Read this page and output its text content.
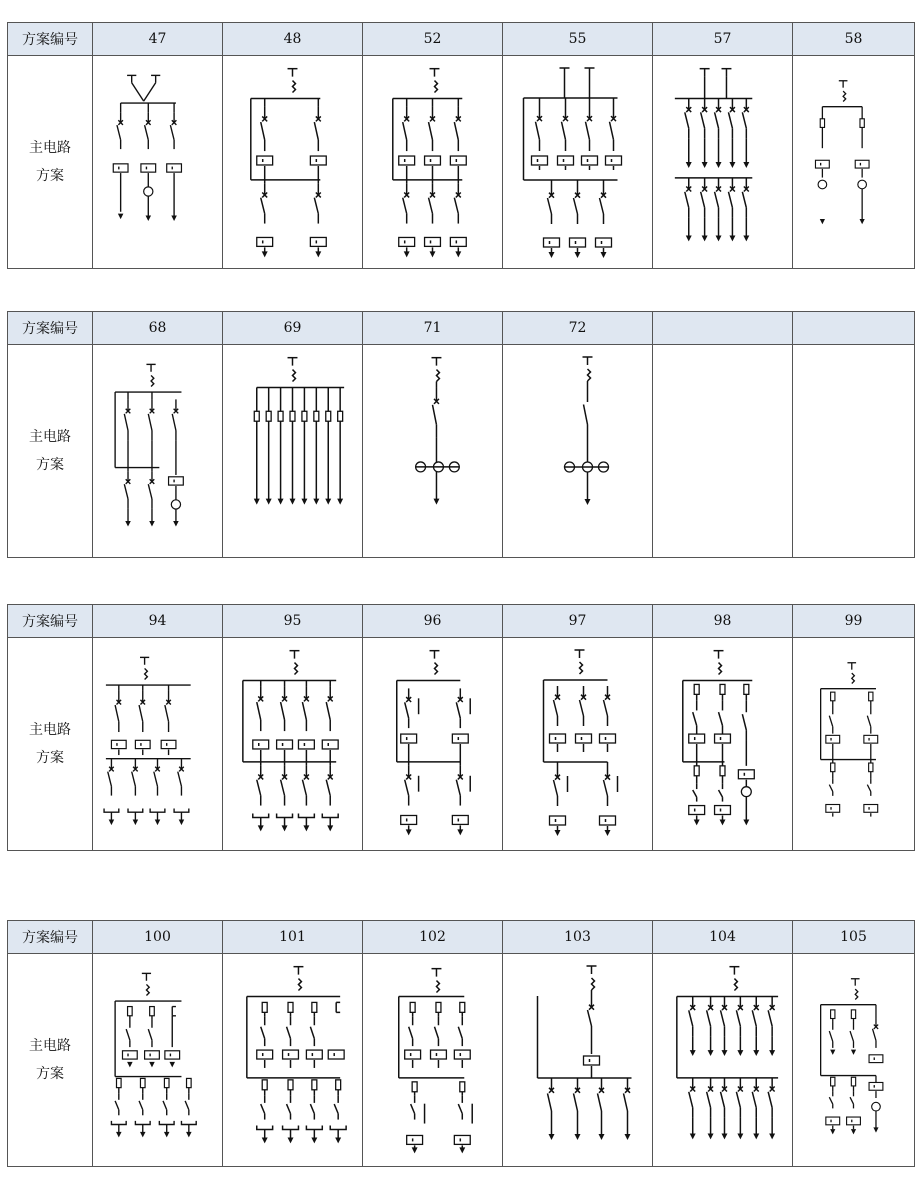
方案编号	47	48	52	55	57	58

主电路
方案

方案编号	68	69	71	72		

主电路
方案

方案编号	94	95	96	97	98	99

主电路
方案

方案编号	100	101	102	103	104	105

主电路
方案
